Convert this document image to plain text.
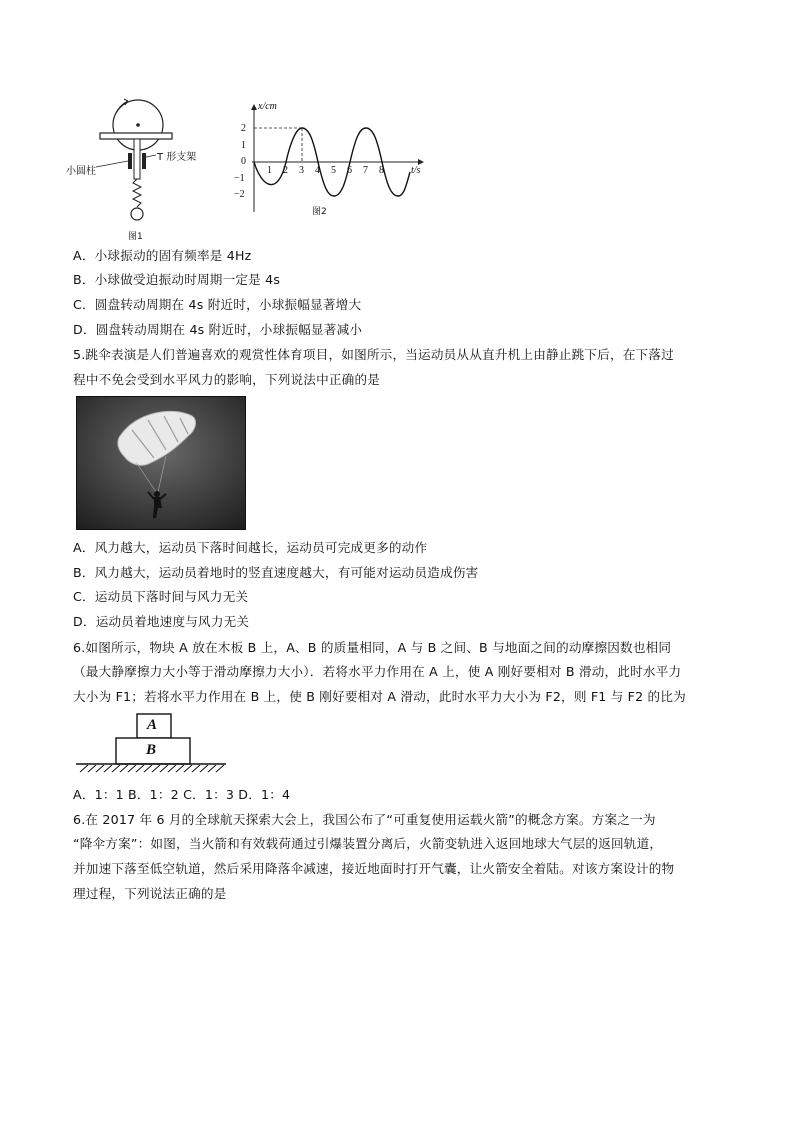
小圆柱
T 形支架
图1
x/cm
t/s
2
1
0
−1
−2
1 2 3 4 5 6 7 8
图2
A．小球振动的固有频率是 4Hz
B．小球做受迫振动时周期一定是 4s
C．圆盘转动周期在 4s 附近时，小球振幅显著增大
D．圆盘转动周期在 4s 附近时，小球振幅显著减小
5.跳伞表演是人们普遍喜欢的观赏性体育项目，如图所示，当运动员从从直升机上由静止跳下后，在下落过
程中不免会受到水平风力的影响，下列说法中正确的是
A．风力越大，运动员下落时间越长，运动员可完成更多的动作
B．风力越大，运动员着地时的竖直速度越大，有可能对运动员造成伤害
C．运动员下落时间与风力无关
D．运动员着地速度与风力无关
6.如图所示，物块 A 放在木板 B 上，A、B 的质量相同，A 与 B 之间、B 与地面之间的动摩擦因数也相同
（最大静摩擦力大小等于滑动摩擦力大小）．若将水平力作用在 A 上，使 A 刚好要相对 B 滑动，此时水平力
大小为 F1；若将水平力作用在 B 上，使 B 刚好要相对 A 滑动，此时水平力大小为 F2，则 F1 与 F2 的比为
A
B
A．1：1 B．1：2 C．1：3 D．1：4
6.在 2017 年 6 月的全球航天探索大会上，我国公布了“可重复使用运载火箭”的概念方案。方案之一为
“降伞方案”：如图，当火箭和有效载荷通过引爆装置分离后，火箭变轨进入返回地球大气层的返回轨道，
并加速下落至低空轨道，然后采用降落伞减速，接近地面时打开气囊，让火箭安全着陆。对该方案设计的物
理过程，下列说法正确的是
